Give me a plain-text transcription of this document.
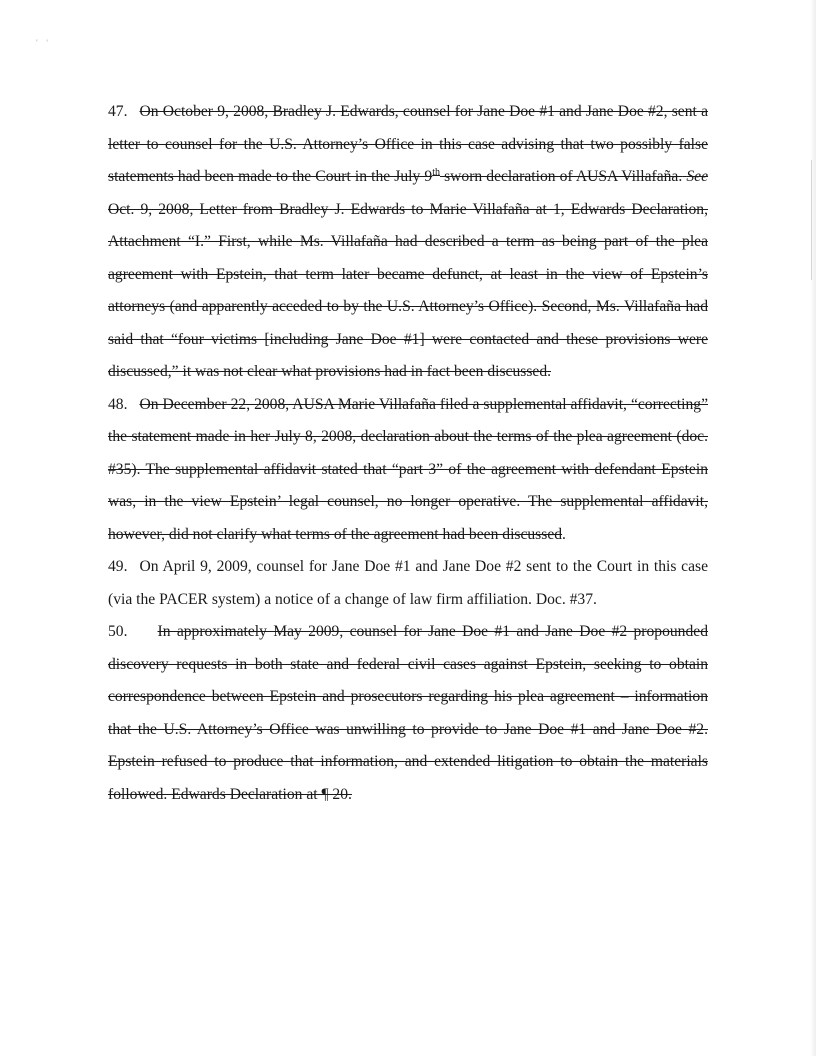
' '

47. On October 9, 2008, Bradley J. Edwards, counsel for Jane Doe #1 and Jane Doe #2, sent a letter to counsel for the U.S. Attorney’s Office in this case advising that two possibly false statements had been made to the Court in the July 9th sworn declaration of AUSA Villafaña. See Oct. 9, 2008, Letter from Bradley J. Edwards to Marie Villafaña at 1, Edwards Declaration, Attachment “I.” First, while Ms. Villafaña had described a term as being part of the plea agreement with Epstein, that term later became defunct, at least in the view of Epstein’s attorneys (and apparently acceded to by the U.S. Attorney’s Office). Second, Ms. Villafaña had said that “four victims [including Jane Doe #1] were contacted and these provisions were discussed,” it was not clear what provisions had in fact been discussed.

48. On December 22, 2008, AUSA Marie Villafaña filed a supplemental affidavit, “correcting” the statement made in her July 8, 2008, declaration about the terms of the plea agreement (doc. #35). The supplemental affidavit stated that “part 3” of the agreement with defendant Epstein was, in the view Epstein’ legal counsel, no longer operative. The supplemental affidavit, however, did not clarify what terms of the agreement had been discussed.

49. On April 9, 2009, counsel for Jane Doe #1 and Jane Doe #2 sent to the Court in this case (via the PACER system) a notice of a change of law firm affiliation. Doc. #37.

50. In approximately May 2009, counsel for Jane Doe #1 and Jane Doe #2 propounded discovery requests in both state and federal civil cases against Epstein, seeking to obtain correspondence between Epstein and prosecutors regarding his plea agreement – information that the U.S. Attorney’s Office was unwilling to provide to Jane Doe #1 and Jane Doe #2. Epstein refused to produce that information, and extended litigation to obtain the materials followed. Edwards Declaration at ¶ 20.
